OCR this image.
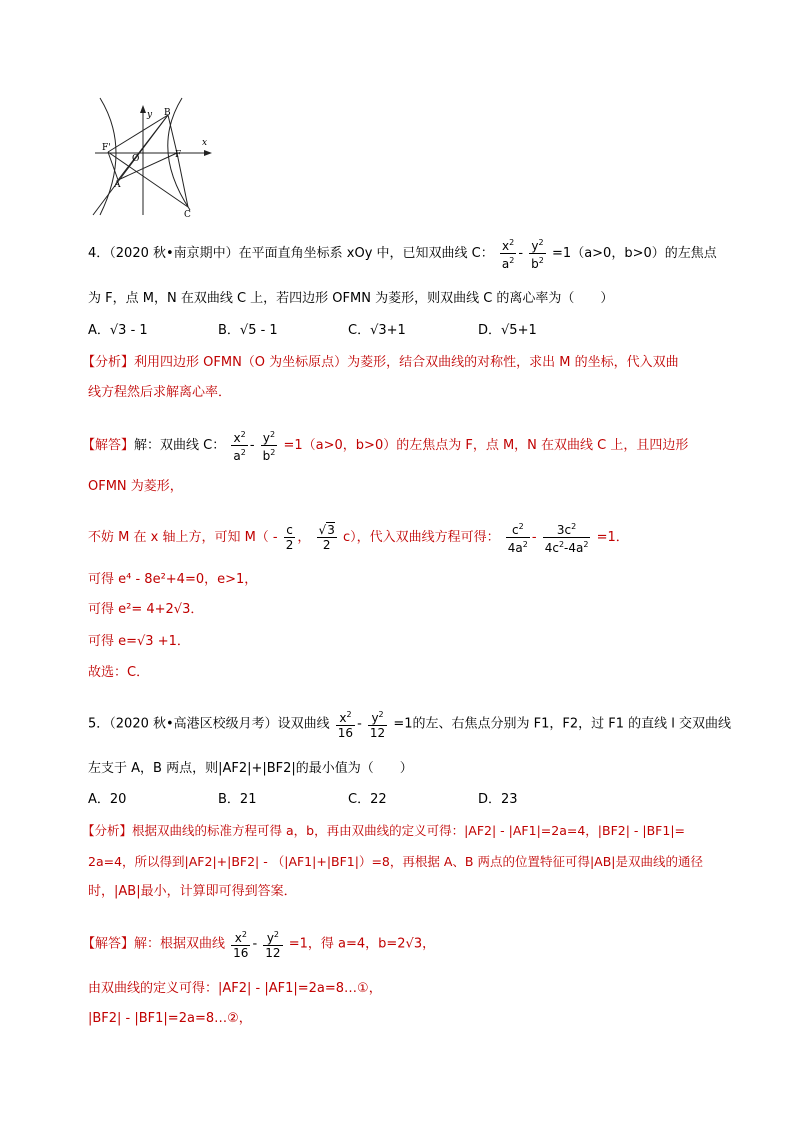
y
x
B
F'
O	F
A
C
4．（2020 秋•南京期中）在平面直角坐标系 xOy 中，已知双曲线 C： $\frac{x^2}{a^2} - \frac{y^2}{b^2} =1(a>0$，b>0）的左焦点
为 F，点 M，N 在双曲线 C 上，若四边形 OFMN 为菱形，则双曲线 C 的离心率为（　　）
A．√3 - 1	B．√5 - 1	C．√3+1	D．√5+1
【分析】利用四边形 OFMN（O 为坐标原点）为菱形，结合双曲线的对称性，求出 M 的坐标，代入双曲
线方程然后求解离心率．
【解答】解：双曲线 C： $\frac{x^2}{a^2} - \frac{y^2}{b^2} =1(a>0$，b>0）的左焦点为 F，点 M，N 在双曲线 C 上，且四边形
OFMN 为菱形，
不妨 M 在 x 轴上方，可知 $M( - \frac{c}{2}$ ， $\frac{√3}{2} c$），代入双曲线方程可得： $\frac{c^2}{4a^2} - \frac{3c^2}{4c^2-4a^2} =1$．
可得 e⁴ - 8e²+4=0，e>1，
可得 e²= 4+2√3．
可得 e=√3 +1．
故选：C．
5．（2020 秋•高港区校级月考）设双曲线 $\frac{x^2}{16} - \frac{y^2}{12} =1$的左、右焦点分别为 F1，F2，过 F1 的直线 l 交双曲线
左支于 A，B 两点，则|AF2|+|BF2|的最小值为（　　）
A．20	B．21	C．22	D．23
【分析】根据双曲线的标准方程可得 a，b，再由双曲线的定义可得：|AF2| - |AF1|=2a=4，|BF2| - |BF1|=
2a=4，所以得到|AF2|+|BF2| - （|AF1|+|BF1|）=8，再根据 A、B 两点的位置特征可得|AB|是双曲线的通径
时，|AB|最小，计算即可得到答案．
【解答】解：根据双曲线 $\frac{x^2}{16} - \frac{y^2}{12} =1$，得 a=4，b=2√3，
由双曲线的定义可得：|AF2| - |AF1|=2a=8…①，
|BF2| - |BF1|=2a=8…②，
